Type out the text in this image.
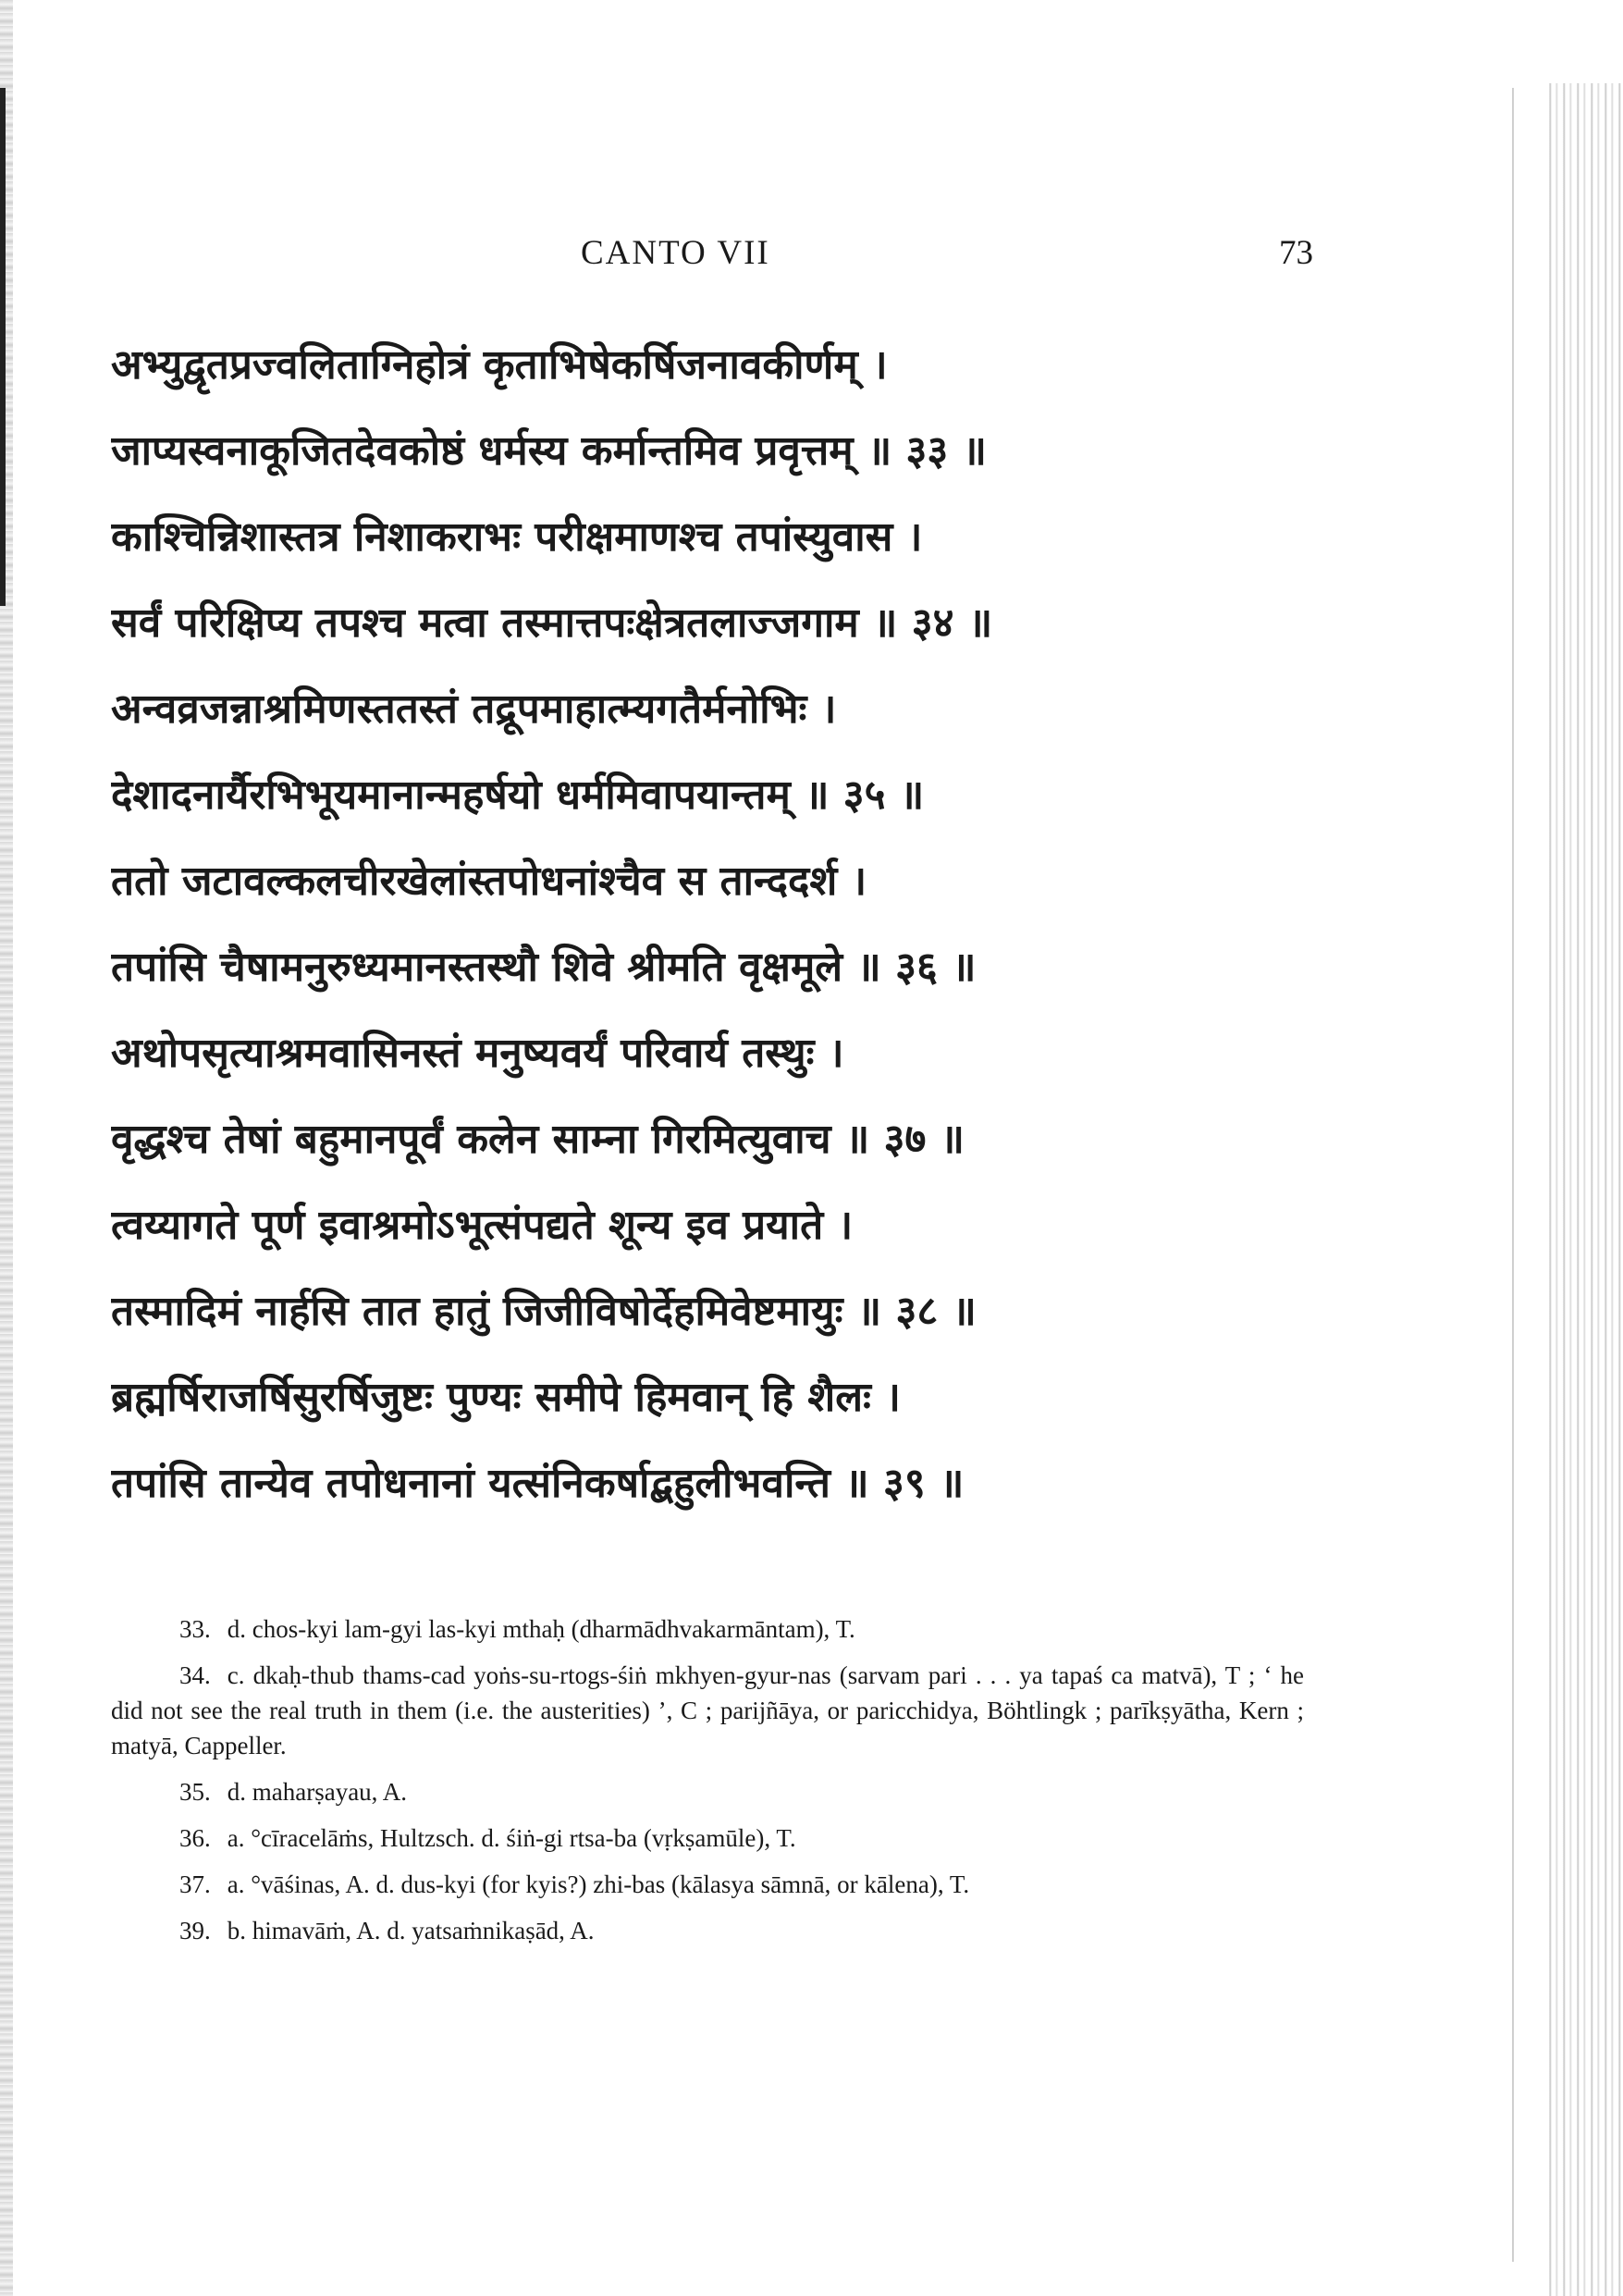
CANTO VII	73
अभ्युद्वृतप्रज्वलिताग्निहोत्रं कृताभिषेकर्षिजनावकीर्णम् ।
जाप्यस्वनाकूजितदेवकोष्ठं धर्मस्य कर्मान्तमिव प्रवृत्तम् ॥ ३३ ॥
काश्चिन्निशास्तत्र निशाकराभः परीक्षमाणश्च तपांस्युवास ।
सर्वं परिक्षिप्य तपश्च मत्वा तस्मात्तपःक्षेत्रतलाज्जगाम ॥ ३४ ॥
अन्वव्रजन्नाश्रमिणस्ततस्तं तद्रूपमाहात्म्यगतैर्मनोभिः ।
देशादनार्यैरभिभूयमानान्महर्षयो धर्ममिवापयान्तम् ॥ ३५ ॥
ततो जटावल्कलचीरखेलांस्तपोधनांश्चैव स तान्ददर्श ।
तपांसि चैषामनुरुध्यमानस्तस्थौ शिवे श्रीमति वृक्षमूले ॥ ३६ ॥
अथोपसृत्याश्रमवासिनस्तं मनुष्यवर्यं परिवार्य तस्थुः ।
वृद्धश्च तेषां बहुमानपूर्वं कलेन साम्ना गिरमित्युवाच ॥ ३७ ॥
त्वय्यागते पूर्ण इवाश्रमोऽभूत्संपद्यते शून्य इव प्रयाते ।
तस्मादिमं नार्हसि तात हातुं जिजीविषोर्देहमिवेष्टमायुः ॥ ३८ ॥
ब्रह्मर्षिराजर्षिसुरर्षिजुष्टः पुण्यः समीपे हिमवान् हि शैलः ।
तपांसि तान्येव तपोधनानां यत्संनिकर्षाद्बहुलीभवन्ति ॥ ३९ ॥

33. d. chos-kyi lam-gyi las-kyi mthaḥ (dharmādhvakarmāntam), T.

34. c. dkaḥ-thub thams-cad yoṅs-su-rtogs-śiṅ mkhyen-gyur-nas (sarvam pari . . . ya tapaś ca matvā), T ; ‘ he did not see the real truth in them (i.e. the austerities) ’, C ; parijñāya, or paricchidya, Böhtlingk ; parīkṣyātha, Kern ; matyā, Cappeller.

35. d. maharṣayau, A.

36. a. °cīracelāṁs, Hultzsch. d. śiṅ-gi rtsa-ba (vṛkṣamūle), T.

37. a. °vāśinas, A. d. dus-kyi (for kyis?) zhi-bas (kālasya sāmnā, or kālena), T.

39. b. himavāṁ, A. d. yatsaṁnikaṣād, A.
